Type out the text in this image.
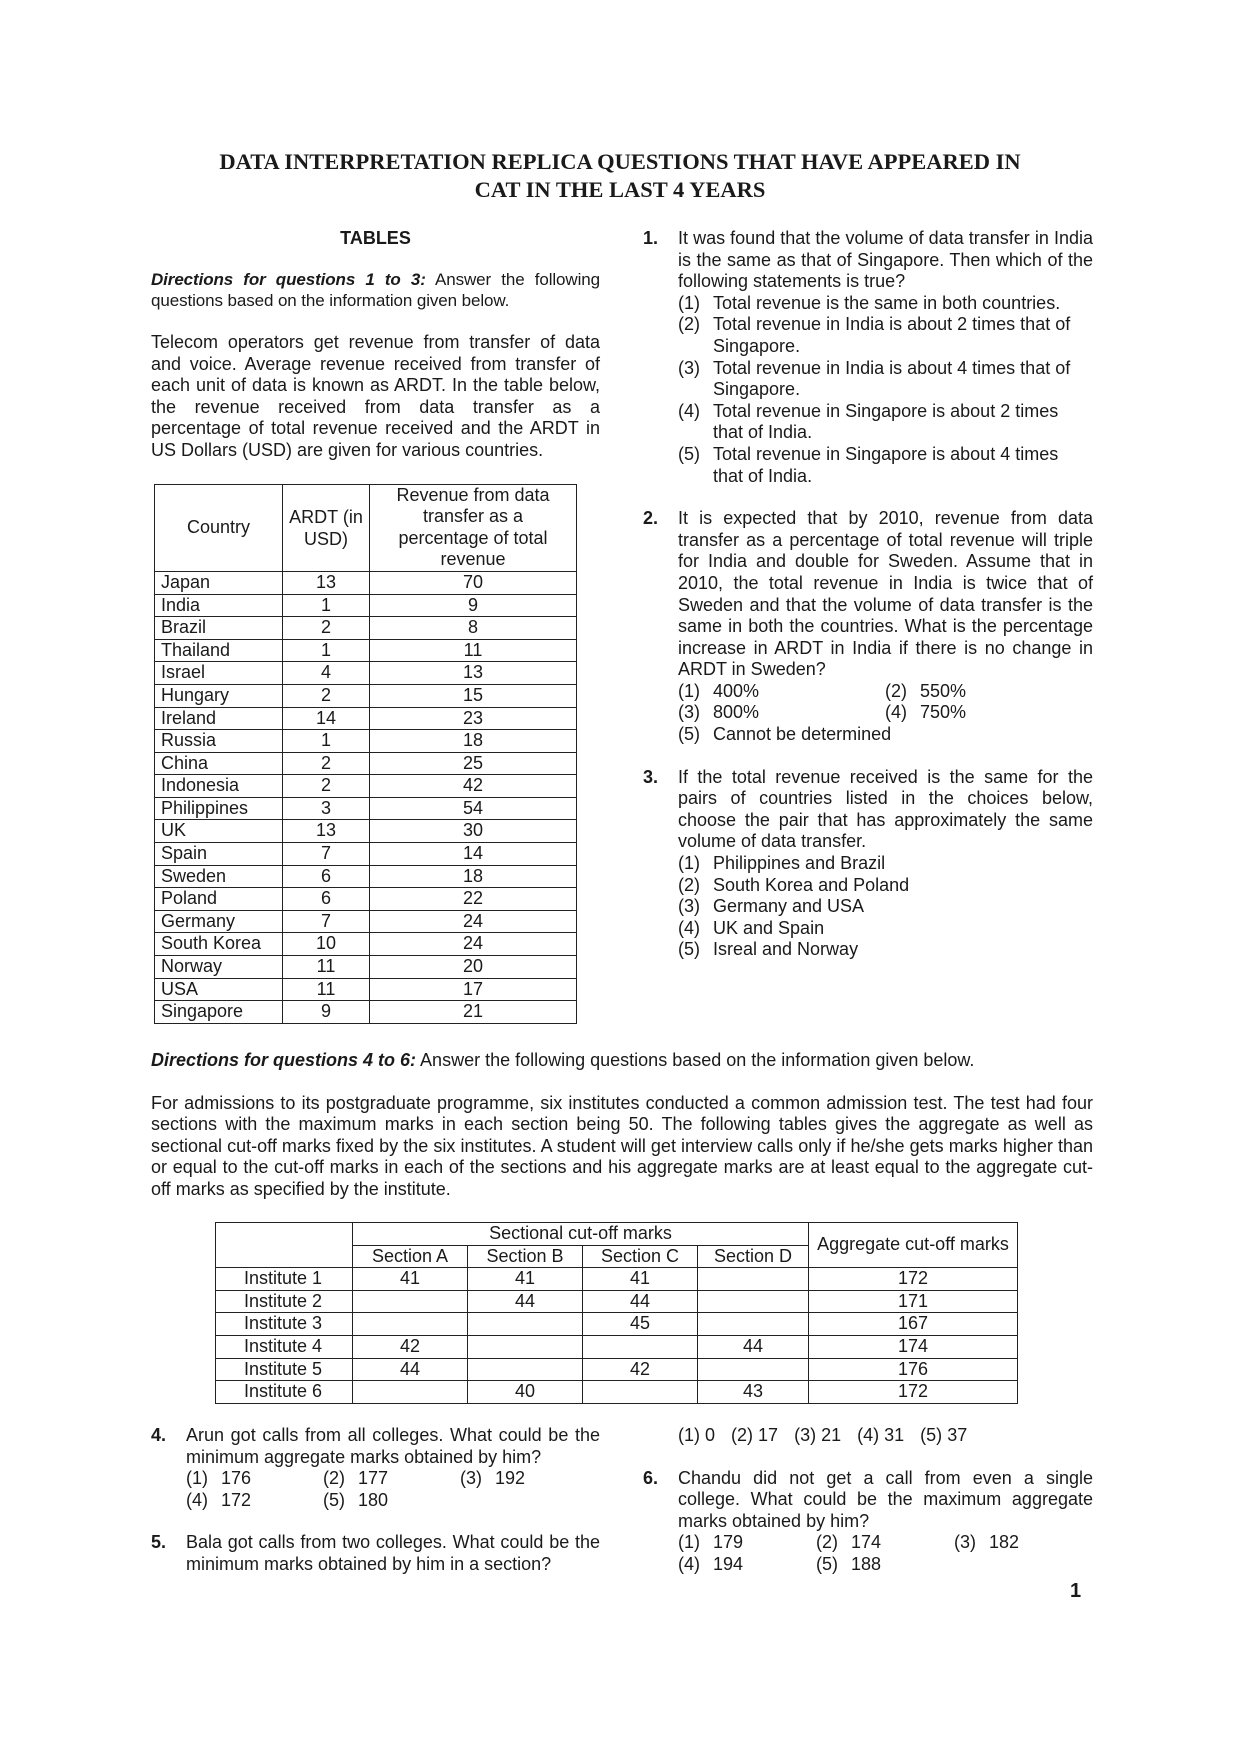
DATA INTERPRETATION REPLICA QUESTIONS THAT HAVE APPEARED IN
CAT IN THE LAST 4 YEARS
TABLES

Directions for questions 1 to 3: Answer the following questions based on the information given below.

Telecom operators get revenue from transfer of data and voice. Average revenue received from transfer of each unit of data is known as ARDT. In the table below, the revenue received from data transfer as a percentage of total revenue received and the ARDT in US Dollars (USD) are given for various countries.

Country	ARDT (in USD)	Revenue from data transfer as a percentage of total revenue
Japan	13	70
India	1	9
Brazil	2	8
Thailand	1	11
Israel	4	13
Hungary	2	15
Ireland	14	23
Russia	1	18
China	2	25
Indonesia	2	42
Philippines	3	54
UK	13	30
Spain	7	14
Sweden	6	18
Poland	6	22
Germany	7	24
South Korea	10	24
Norway	11	20
USA	11	17
Singapore	9	21
1. It was found that the volume of data transfer in India is the same as that of Singapore. Then which of the following statements is true?
(1) Total revenue is the same in both countries.
(2) Total revenue in India is about 2 times that of Singapore.
(3) Total revenue in India is about 4 times that of Singapore.
(4) Total revenue in Singapore is about 2 times that of India.
(5) Total revenue in Singapore is about 4 times that of India.
2. It is expected that by 2010, revenue from data transfer as a percentage of total revenue will triple for India and double for Sweden. Assume that in 2010, the total revenue in India is twice that of Sweden and that the volume of data transfer is the same in both the countries. What is the percentage increase in ARDT in India if there is no change in ARDT in Sweden?
(1) 400%	(2) 550%
(3) 800%	(4) 750%
(5) Cannot be determined
3. If the total revenue received is the same for the pairs of countries listed in the choices below, choose the pair that has approximately the same volume of data transfer.
(1) Philippines and Brazil
(2) South Korea and Poland
(3) Germany and USA
(4) UK and Spain
(5) Isreal and Norway

Directions for questions 4 to 6: Answer the following questions based on the information given below.

For admissions to its postgraduate programme, six institutes conducted a common admission test. The test had four sections with the maximum marks in each section being 50. The following tables gives the aggregate as well as sectional cut-off marks fixed by the six institutes. A student will get interview calls only if he/she gets marks higher than or equal to the cut-off marks in each of the sections and his aggregate marks are at least equal to the aggregate cut-off marks as specified by the institute.

	Sectional cut-off marks				Aggregate cut-off marks
	Section A	Section B	Section C	Section D	
Institute 1	41	41	41		172
Institute 2		44	44		171
Institute 3			45		167
Institute 4	42			44	174
Institute 5	44		42		176
Institute 6		40		43	172
4. Arun got calls from all colleges. What could be the minimum aggregate marks obtained by him?
(1) 176	(2) 177	(3) 192
(4) 172	(5) 180
5. Bala got calls from two colleges. What could be the minimum marks obtained by him in a section?
(1)
0 (2)
17 (3)
21 (4)
31 (5)
37
6. Chandu did not get a call from even a single college. What could be the maximum aggregate marks obtained by him?
(1) 179	(2) 174	(3) 182
(4) 194	(5) 188
1
